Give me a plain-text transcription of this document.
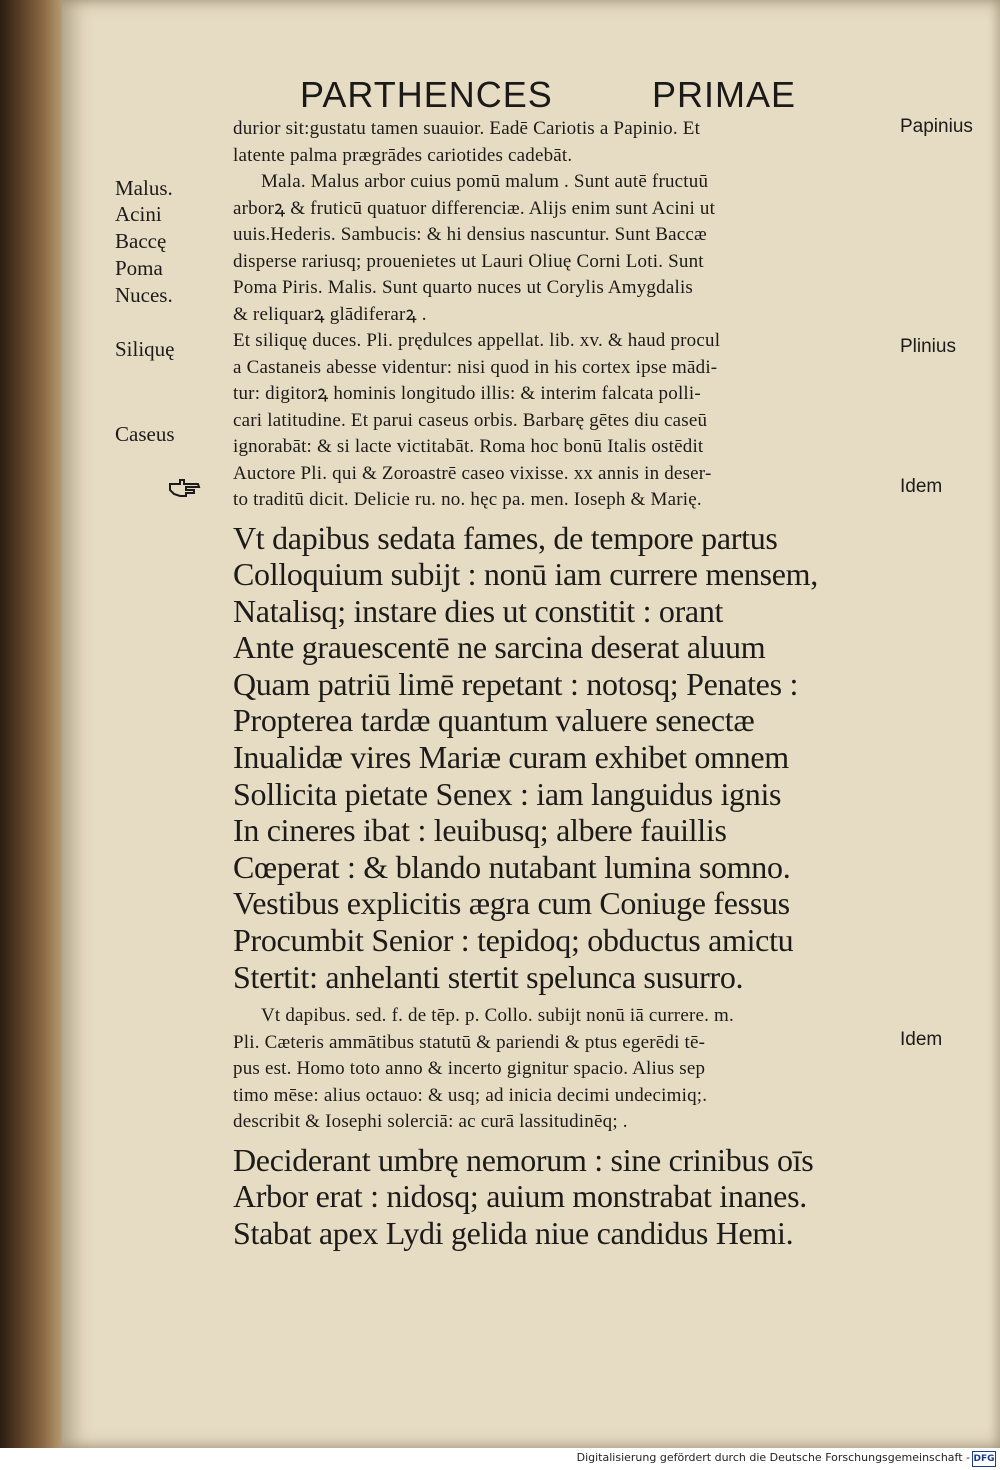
PARTHENCES	PRIMAE
durior sit:gustatu tamen suauior. Eadē Cariotis a Papinio. Et
latente palma prægrādes cariotides cadebāt.
Mala. Malus arbor cuius pomū malum . Sunt autē fructuū
arborꝝ & fruticū quatuor differenciæ. Alijs enim sunt Acini ut
uuis.Hederis. Sambucis: & hi densius nascuntur. Sunt Baccæ
disperse rariusq; prouenietes ut Lauri Oliuę Corni Loti. Sunt
Poma Piris. Malis. Sunt quarto nuces ut Corylis Amygdalis
& reliquarꝝ glādiferarꝝ .
Et siliquę duces. Pli. prędulces appellat. lib. xv. & haud procul
a Castaneis abesse videntur: nisi quod in his cortex ipse mādi-
tur: digitorꝝ hominis longitudo illis: & interim falcata polli-
cari latitudine. Et parui caseus orbis. Barbarę gētes diu caseū
ignorabāt: & si lacte victitabāt. Roma hoc bonū Italis ostēdit
Auctore Pli. qui & Zoroastrē caseo vixisse. xx annis in deser-
to traditū dicit. Delicie ru. no. hęc pa. men. Ioseph & Marię.
Vt dapibus sedata fames, de tempore partus
Colloquium subijt : nonū iam currere mensem,
Natalisq; instare dies ut constitit : orant
Ante grauescentē ne sarcina deserat aluum
Quam patriū limē repetant : notosq; Penates :
Propterea tardæ quantum valuere senectæ
Inualidæ vires Mariæ curam exhibet omnem
Sollicita pietate Senex : iam languidus ignis
In cineres ibat : leuibusq; albere fauillis
Cœperat : & blando nutabant lumina somno.
Vestibus explicitis ægra cum Coniuge fessus
Procumbit Senior : tepidoq; obductus amictu
Stertit: anhelanti stertit spelunca susurro.
Vt dapibus. sed. f. de tēp. p. Collo. subijt nonū iā currere. m.
Pli. Cæteris ammātibus statutū & pariendi & ptus egerēdi tē-
pus est. Homo toto anno & incerto gignitur spacio. Alius sep
timo mēse: alius octauo: & usq; ad inicia decimi undecimiq;.
describit & Iosephi solerciā: ac curā lassitudinēq; .
Deciderant umbrę nemorum : sine crinibus oīs
Arbor erat : nidosq; auium monstrabat inanes.
Stabat apex Lydi gelida niue candidus Hemi.
Malus.
Acini
Baccę
Poma
Nuces.
Siliquę
Caseus
Papinius
Plinius
Idem
Idem
Digitalisierung gefördert durch die Deutsche Forschungsgemeinschaft - DFG
